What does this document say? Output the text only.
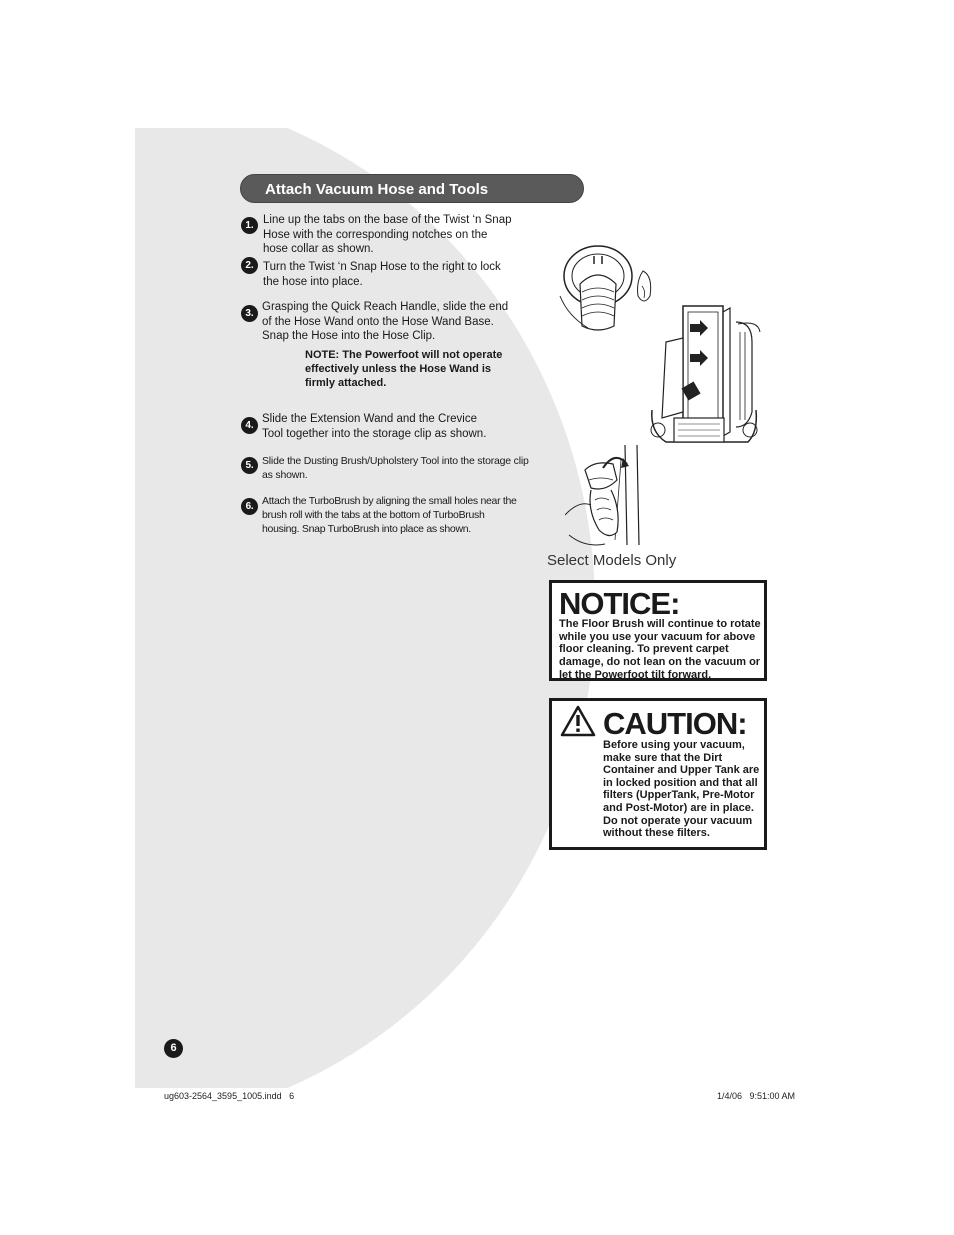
Attach Vacuum Hose and Tools
1. Line up the tabs on the base of the Twist ‘n Snap Hose with the corresponding notches on the hose collar as shown.
2. Turn the Twist ‘n Snap Hose to the right to lock the hose into place.
3.
Grasping the Quick Reach Handle, slide the end of the Hose Wand onto the Hose Wand Base. Snap the Hose into the Hose Clip.
NOTE: The Powerfoot will not operate effectively unless the Hose Wand is firmly attached.
4.
Slide the Extension Wand and the Crevice Tool together into the storage clip as shown.
5. Slide the Dusting Brush/Upholstery Tool into the storage clip as shown.
6. Attach the TurboBrush by aligning the small holes near the brush roll with the tabs at the bottom of TurboBrush housing. Snap TurboBrush into place as shown.
Select Models Only
NOTICE:
The Floor Brush will continue to rotate while you use your vacuum for above floor cleaning. To prevent carpet damage, do not lean on the vacuum or let the Powerfoot tilt forward.
CAUTION:
Before using your vacuum, make sure that the Dirt Container and Upper Tank are in locked position and that all filters (UpperTank, Pre-Motor and Post-Motor) are in place. Do not operate your vacuum without these filters.
6
ug603-2564_3595_1005.indd   6	1/4/06   9:51:00 AM
